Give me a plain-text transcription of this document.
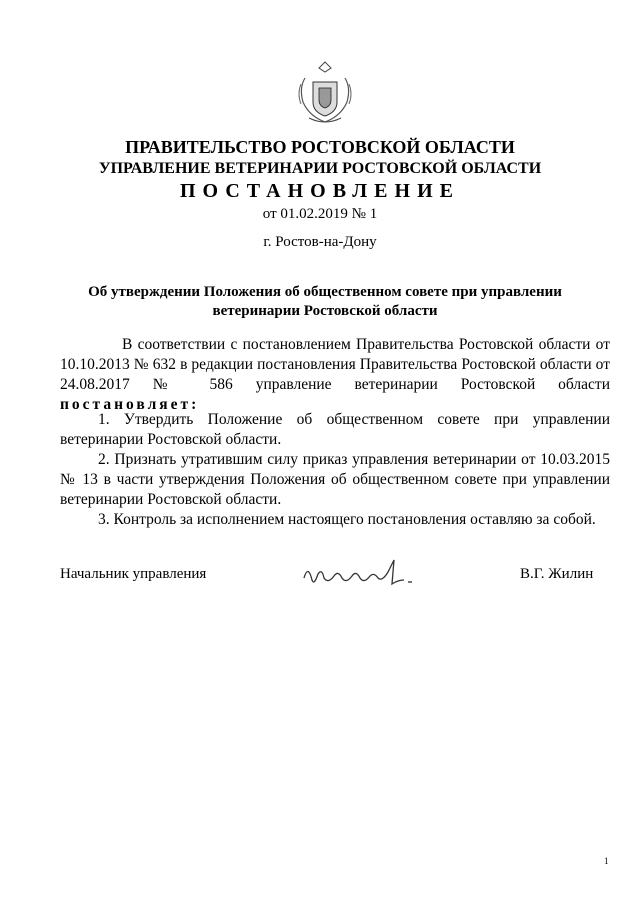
ПРАВИТЕЛЬСТВО РОСТОВСКОЙ ОБЛАСТИ
УПРАВЛЕНИЕ ВЕТЕРИНАРИИ РОСТОВСКОЙ ОБЛАСТИ
ПОСТАНОВЛЕНИЕ
от 01.02.2019 № 1
г. Ростов-на-Дону
Об утверждении Положения об общественном совете при управлении ветеринарии Ростовской области
В соответствии с постановлением Правительства Ростовской области от 10.10.2013 № 632 в редакции постановления Правительства Ростовской области от 24.08.2017 № 586 управление ветеринарии Ростовской области постановляет:
1. Утвердить Положение об общественном совете при управлении ветеринарии Ростовской области.
2. Признать утратившим силу приказ управления ветеринарии от 10.03.2015 № 13 в части утверждения Положения об общественном совете при управлении ветеринарии Ростовской области.
3. Контроль за исполнением настоящего постановления оставляю за собой.
Начальник управления	В.Г. Жилин
1
